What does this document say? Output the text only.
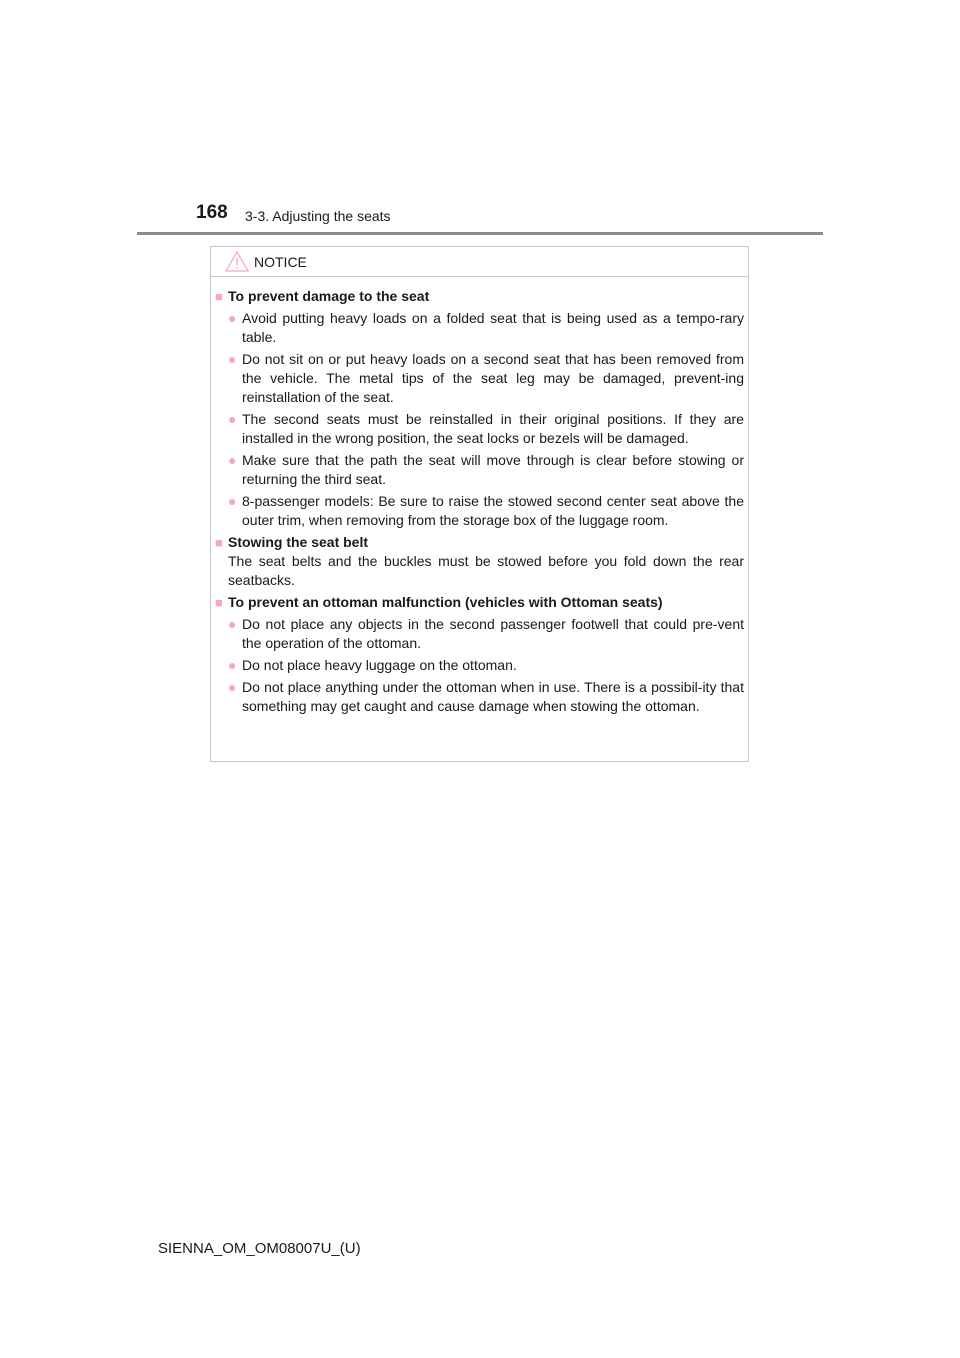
168 3-3. Adjusting the seats
NOTICE
■ To prevent damage to the seat
● Avoid putting heavy loads on a folded seat that is being used as a tempo-rary table.
● Do not sit on or put heavy loads on a second seat that has been removed from the vehicle. The metal tips of the seat leg may be damaged, prevent-ing reinstallation of the seat.
● The second seats must be reinstalled in their original positions. If they are installed in the wrong position, the seat locks or bezels will be damaged.
● Make sure that the path the seat will move through is clear before stowing or returning the third seat.
● 8-passenger models: Be sure to raise the stowed second center seat above the outer trim, when removing from the storage box of the luggage room.
■ Stowing the seat belt
The seat belts and the buckles must be stowed before you fold down the rear seatbacks.
■ To prevent an ottoman malfunction (vehicles with Ottoman seats)
● Do not place any objects in the second passenger footwell that could pre-vent the operation of the ottoman.
● Do not place heavy luggage on the ottoman.
● Do not place anything under the ottoman when in use. There is a possibil-ity that something may get caught and cause damage when stowing the ottoman.
SIENNA_OM_OM08007U_(U)
